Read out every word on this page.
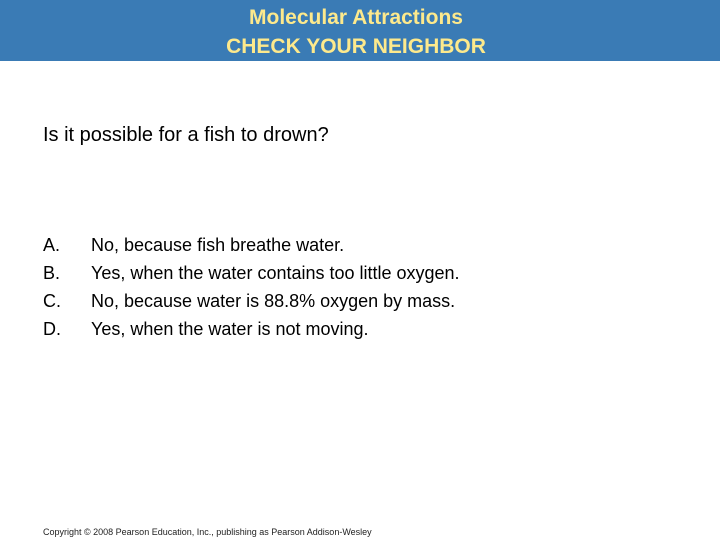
Molecular Attractions
CHECK YOUR NEIGHBOR
Is it possible for a fish to drown?
A. No, because fish breathe water.
B. Yes, when the water contains too little oxygen.
C. No, because water is 88.8% oxygen by mass.
D. Yes, when the water is not moving.
Copyright © 2008 Pearson Education, Inc., publishing as Pearson Addison-Wesley
